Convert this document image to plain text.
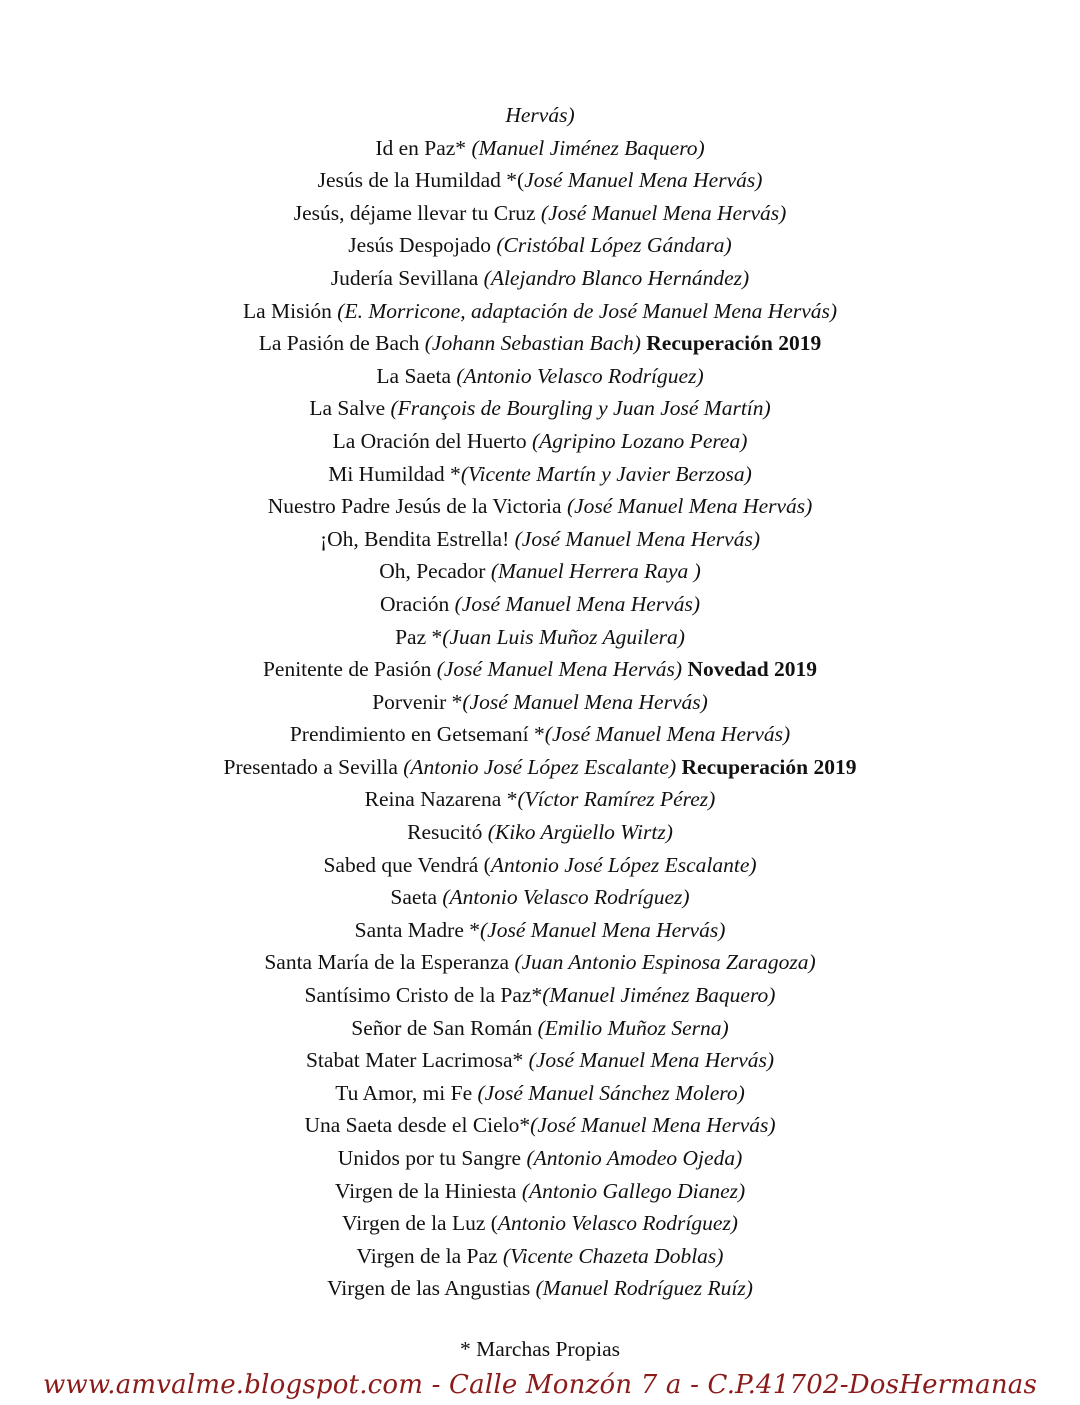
Hervás)
Id en Paz* (Manuel Jiménez Baquero)
Jesús de la Humildad *(José Manuel Mena Hervás)
Jesús, déjame llevar tu Cruz (José Manuel Mena Hervás)
Jesús Despojado (Cristóbal López Gándara)
Judería Sevillana (Alejandro Blanco Hernández)
La Misión (E. Morricone, adaptación de José Manuel Mena Hervás)
La Pasión de Bach (Johann Sebastian Bach) Recuperación 2019
La Saeta (Antonio Velasco Rodríguez)
La Salve (François de Bourgling y Juan José Martín)
La Oración del Huerto (Agripino Lozano Perea)
Mi Humildad *(Vicente Martín y Javier Berzosa)
Nuestro Padre Jesús de la Victoria (José Manuel Mena Hervás)
¡Oh, Bendita Estrella! (José Manuel Mena Hervás)
Oh, Pecador (Manuel Herrera Raya )
Oración (José Manuel Mena Hervás)
Paz *(Juan Luis Muñoz Aguilera)
Penitente de Pasión (José Manuel Mena Hervás) Novedad 2019
Porvenir *(José Manuel Mena Hervás)
Prendimiento en Getsemaní *(José Manuel Mena Hervás)
Presentado a Sevilla (Antonio José López Escalante) Recuperación 2019
Reina Nazarena *(Víctor Ramírez Pérez)
Resucitó (Kiko Argüello Wirtz)
Sabed que Vendrá (Antonio José López Escalante)
Saeta (Antonio Velasco Rodríguez)
Santa Madre *(José Manuel Mena Hervás)
Santa María de la Esperanza (Juan Antonio Espinosa Zaragoza)
Santísimo Cristo de la Paz*(Manuel Jiménez Baquero)
Señor de San Román (Emilio Muñoz Serna)
Stabat Mater Lacrimosa* (José Manuel Mena Hervás)
Tu Amor, mi Fe (José Manuel Sánchez Molero)
Una Saeta desde el Cielo*(José Manuel Mena Hervás)
Unidos por tu Sangre (Antonio Amodeo Ojeda)
Virgen de la Hiniesta (Antonio Gallego Dianez)
Virgen de la Luz (Antonio Velasco Rodríguez)
Virgen de la Paz (Vicente Chazeta Doblas)
Virgen de las Angustias (Manuel Rodríguez Ruíz)
* Marchas Propias
www.amvalme.blogspot.com - Calle Monzón 7 a - C.P.41702-DosHermanas
